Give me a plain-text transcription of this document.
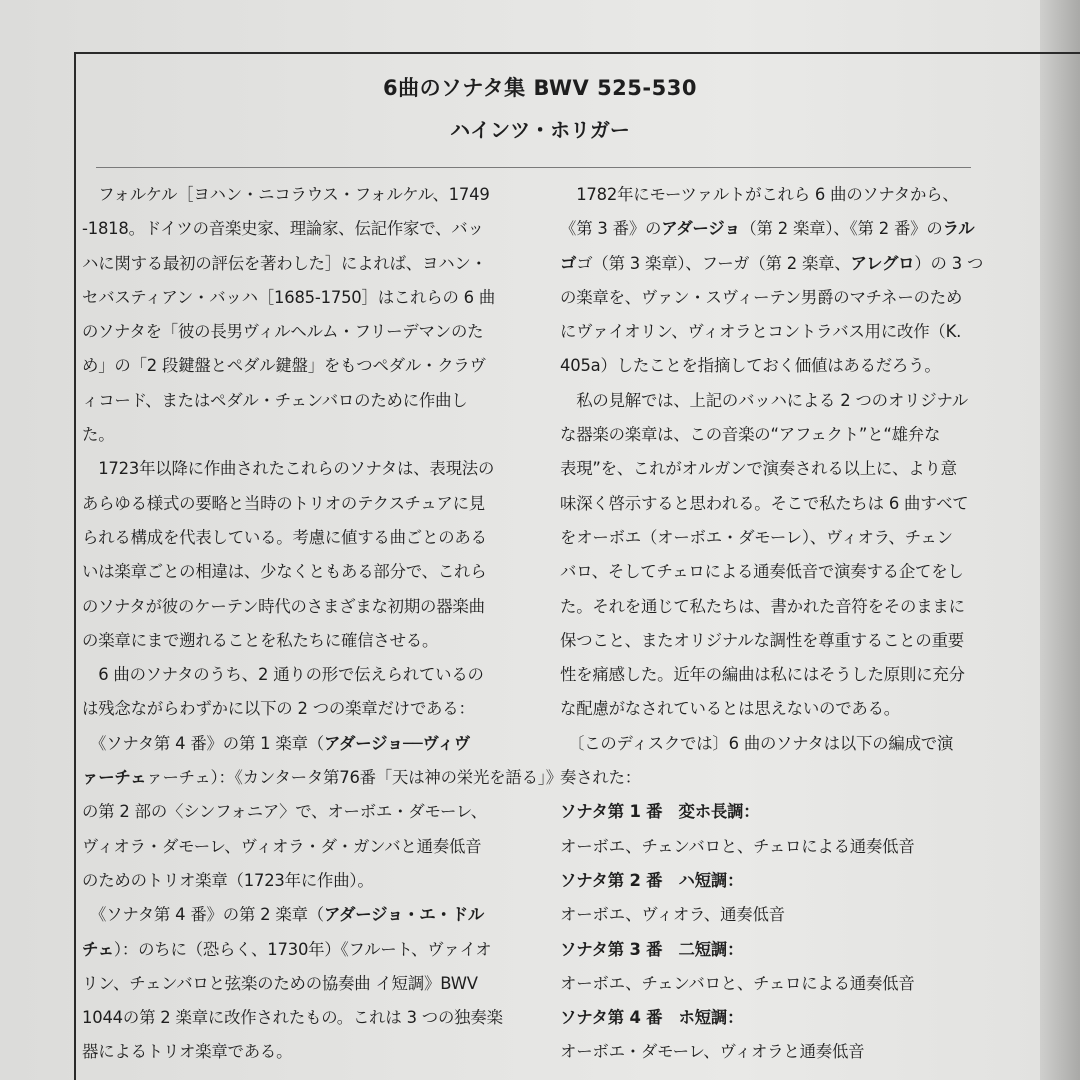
6曲のソナタ集 BWV 525-530
ハインツ・ホリガー

　フォルケル［ヨハン・ニコラウス・フォルケル、1749

-1818。ドイツの音楽史家、理論家、伝記作家で、バッ

ハに関する最初の評伝を著わした］によれば、ヨハン・

セバスティアン・バッハ［1685-1750］はこれらの 6 曲

のソナタを「彼の長男ヴィルヘルム・フリーデマンのた

め」の「2 段鍵盤とペダル鍵盤」をもつペダル・クラヴ

ィコード、またはペダル・チェンバロのために作曲し

た。

　1723年以降に作曲されたこれらのソナタは、表現法の

あらゆる様式の要略と当時のトリオのテクスチュアに見

られる構成を代表している。考慮に値する曲ごとのある

いは楽章ごとの相違は、少なくともある部分で、これら

のソナタが彼のケーテン時代のさまざまな初期の器楽曲

の楽章にまで遡れることを私たちに確信させる。

　6 曲のソナタのうち、2 通りの形で伝えられているの

は残念ながらわずかに以下の 2 つの楽章だけである：

　《ソナタ第 4 番》の第 1 楽章（アダージョ──ヴィヴ

ァーチェァーチェ）：《カンタータ第76番「天は神の栄光を語る」》

の第 2 部の〈シンフォニア〉で、オーボエ・ダモーレ、

ヴィオラ・ダモーレ、ヴィオラ・ダ・ガンバと通奏低音

のためのトリオ楽章（1723年に作曲）。

　《ソナタ第 4 番》の第 2 楽章（アダージョ・エ・ドル

チェ）：のちに（恐らく、1730年）《フルート、ヴァイオ

リン、チェンバロと弦楽のための協奏曲 イ短調》BWV

1044の第 2 楽章に改作されたもの。これは 3 つの独奏楽

器によるトリオ楽章である。

　1782年にモーツァルトがこれら 6 曲のソナタから、

《第 3 番》のアダージョ（第 2 楽章）、《第 2 番》のラル

ゴゴ（第 3 楽章）、フーガ（第 2 楽章、アレグロ）の 3 つ

の楽章を、ヴァン・スヴィーテン男爵のマチネーのため

にヴァイオリン、ヴィオラとコントラバス用に改作（K.

405a）したことを指摘しておく価値はあるだろう。

　私の見解では、上記のバッハによる 2 つのオリジナル

な器楽の楽章は、この音楽の“アフェクト”と“雄弁な

表現”を、これがオルガンで演奏される以上に、より意

味深く啓示すると思われる。そこで私たちは 6 曲すべて

をオーボエ（オーボエ・ダモーレ）、ヴィオラ、チェン

バロ、そしてチェロによる通奏低音で演奏する企てをし

た。それを通じて私たちは、書かれた音符をそのままに

保つこと、またオリジナルな調性を尊重することの重要

性を痛感した。近年の編曲は私にはそうした原則に充分

な配慮がなされているとは思えないのである。

　〔このディスクでは〕6 曲のソナタは以下の編成で演

奏された：

ソナタ第 1 番　変ホ長調：

オーボエ、チェンバロと、チェロによる通奏低音

ソナタ第 2 番　ハ短調：

オーボエ、ヴィオラ、通奏低音

ソナタ第 3 番　二短調：

オーボエ、チェンバロと、チェロによる通奏低音

ソナタ第 4 番　ホ短調：

オーボエ・ダモーレ、ヴィオラと通奏低音
